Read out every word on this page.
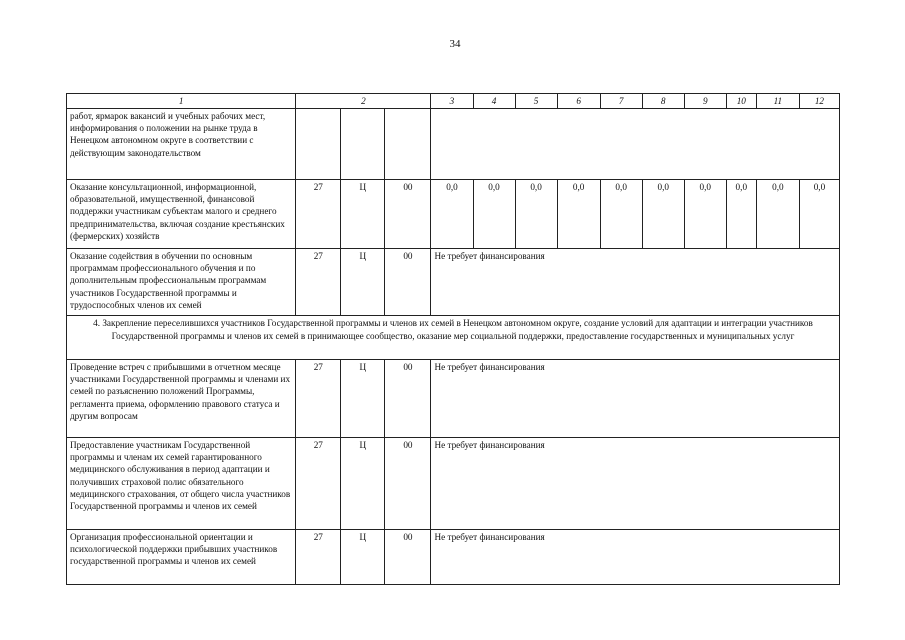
34
1	2			3	4	5	6	7	8	9	10	11	12
работ, ярмарок вакансий и учебных рабочих мест, информирования о положении на рынке труда в Ненецком автономном округе в соответствии с действующим законодательством													
Оказание консультационной, информационной, образовательной, имущественной, финансовой поддержки участникам субъектам малого и среднего предпринимательства, включая создание крестьянских (фермерских) хозяйств	27	Ц	00	0,0	0,0	0,0	0,0	0,0	0,0	0,0	0,0	0,0	0,0
Оказание содействия в обучении по основным программам профессионального обучения и по дополнительным профессиональным программам участников Государственной программы и трудоспособных членов их семей	27	Ц	00	Не требует финансирования									
4. Закрепление переселившихся участников Государственной программы и членов их семей в Ненецком автономном округе, создание условий для адаптации и интеграции участников Государственной программы и членов их семей в принимающее сообщество, оказание мер социальной поддержки, предоставление государственных и муниципальных услуг													
Проведение встреч с прибывшими в отчетном месяце участниками Государственной программы и членами их семей по разъяснению положений Программы, регламента приема, оформлению правового статуса и другим вопросам	27	Ц	00	Не требует финансирования									
Предоставление участникам Государственной программы и членам их семей гарантированного медицинского обслуживания в период адаптации и получивших страховой полис обязательного медицинского страхования, от общего числа участников Государственной программы и членов их семей	27	Ц	00	Не требует финансирования									
Организация профессиональной ориентации и психологической поддержки прибывших участников государственной программы и членов их семей	27	Ц	00	Не требует финансирования									
